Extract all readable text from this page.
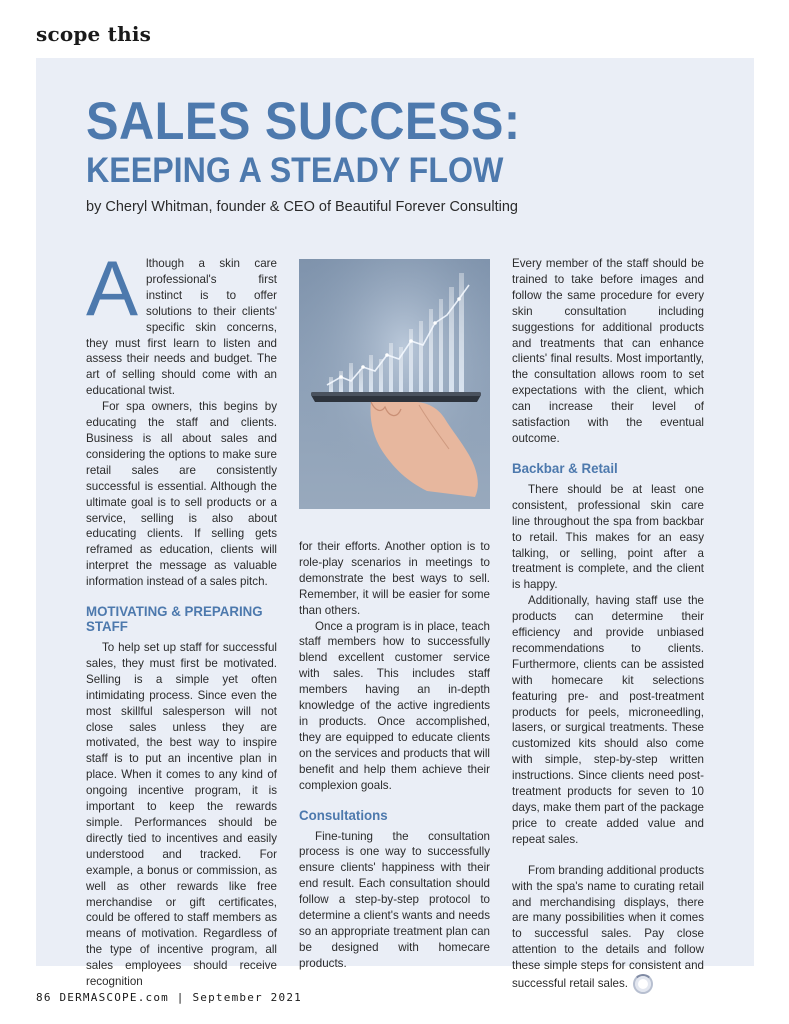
scope this
SALES SUCCESS:
KEEPING A STEADY FLOW
by Cheryl Whitman, founder & CEO of Beautiful Forever Consulting

Although a skin care professional's first instinct is to offer solutions to their clients' specific skin concerns, they must first learn to listen and assess their needs and budget. The art of selling should come with an educational twist.

For spa owners, this begins by educating the staff and clients. Business is all about sales and considering the options to make sure retail sales are consistently successful is essential. Although the ultimate goal is to sell products or a service, selling is also about educating clients. If selling gets reframed as education, clients will interpret the message as valuable information instead of a sales pitch.

MOTIVATING & PREPARING STAFF

To help set up staff for successful sales, they must first be motivated. Selling is a simple yet often intimidating process. Since even the most skillful salesperson will not close sales unless they are motivated, the best way to inspire staff is to put an incentive plan in place. When it comes to any kind of ongoing incentive program, it is important to keep the rewards simple. Performances should be directly tied to incentives and easily understood and tracked. For example, a bonus or commission, as well as other rewards like free merchandise or gift certificates, could be offered to staff members as means of motivation. Regardless of the type of incentive program, all sales employees should receive recognition

for their efforts. Another option is to role-play scenarios in meetings to demonstrate the best ways to sell. Remember, it will be easier for some than others.

Once a program is in place, teach staff members how to successfully blend excellent customer service with sales. This includes staff members having an in-depth knowledge of the active ingredients in products. Once accomplished, they are equipped to educate clients on the services and products that will benefit and help them achieve their complexion goals.

Consultations

Fine-tuning the consultation process is one way to successfully ensure clients' happiness with their end result. Each consultation should follow a step-by-step protocol to determine a client's wants and needs so an appropriate treatment plan can be designed with homecare products.

Every member of the staff should be trained to take before images and follow the same procedure for every skin consultation including suggestions for additional products and treatments that can enhance clients' final results. Most importantly, the consultation allows room to set expectations with the client, which can increase their level of satisfaction with the eventual outcome.

Backbar & Retail

There should be at least one consistent, professional skin care line throughout the spa from backbar to retail. This makes for an easy talking, or selling, point after a treatment is complete, and the client is happy.

Additionally, having staff use the products can determine their efficiency and provide unbiased recommendations to clients. Furthermore, clients can be assisted with homecare kit selections featuring pre- and post-treatment products for peels, microneedling, lasers, or surgical treatments. These customized kits should also come with simple, step-by-step written instructions. Since clients need post-treatment products for seven to 10 days, make them part of the package price to create added value and repeat sales.

From branding additional products with the spa's name to curating retail and merchandising displays, there are many possibilities when it comes to successful sales. Pay close attention to the details and follow these simple steps for consistent and successful retail sales.

86 DERMASCOPE.com | September 2021
